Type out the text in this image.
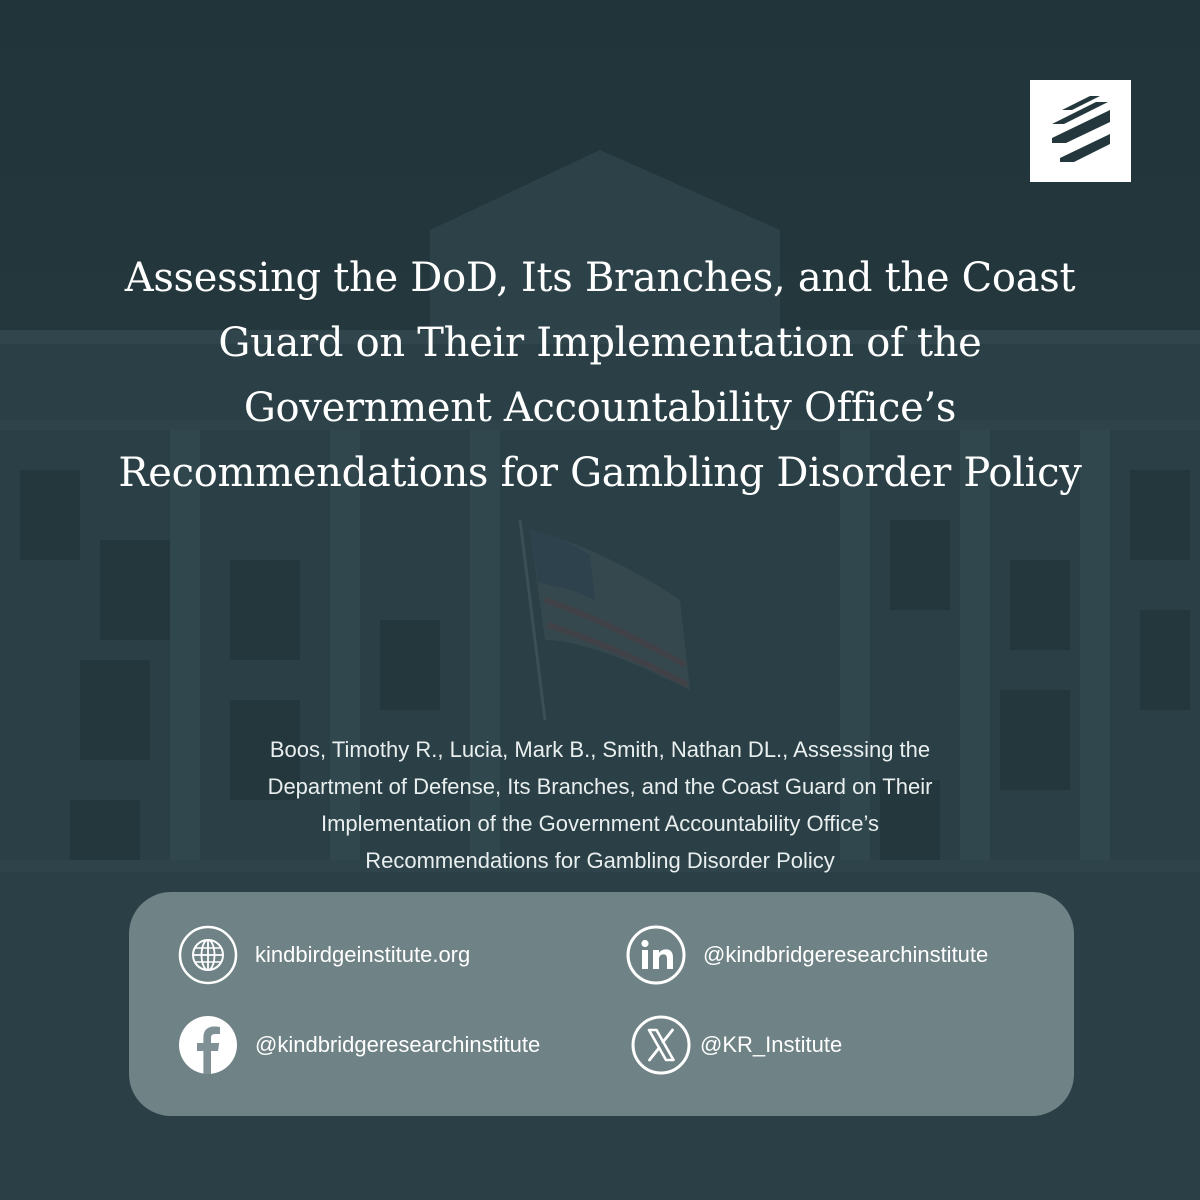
Assessing the DoD, Its Branches, and the Coast
Guard on Their Implementation of the
Government Accountability Office’s
Recommendations for Gambling Disorder Policy
Boos, Timothy R., Lucia, Mark B., Smith, Nathan DL., Assessing the
Department of Defense, Its Branches, and the Coast Guard on Their
Implementation of the Government Accountability Office’s
Recommendations for Gambling Disorder Policy
kindbirdgeinstitute.org	@kindbridgeresearchinstitute
@kindbridgeresearchinstitute	@KR_Institute
